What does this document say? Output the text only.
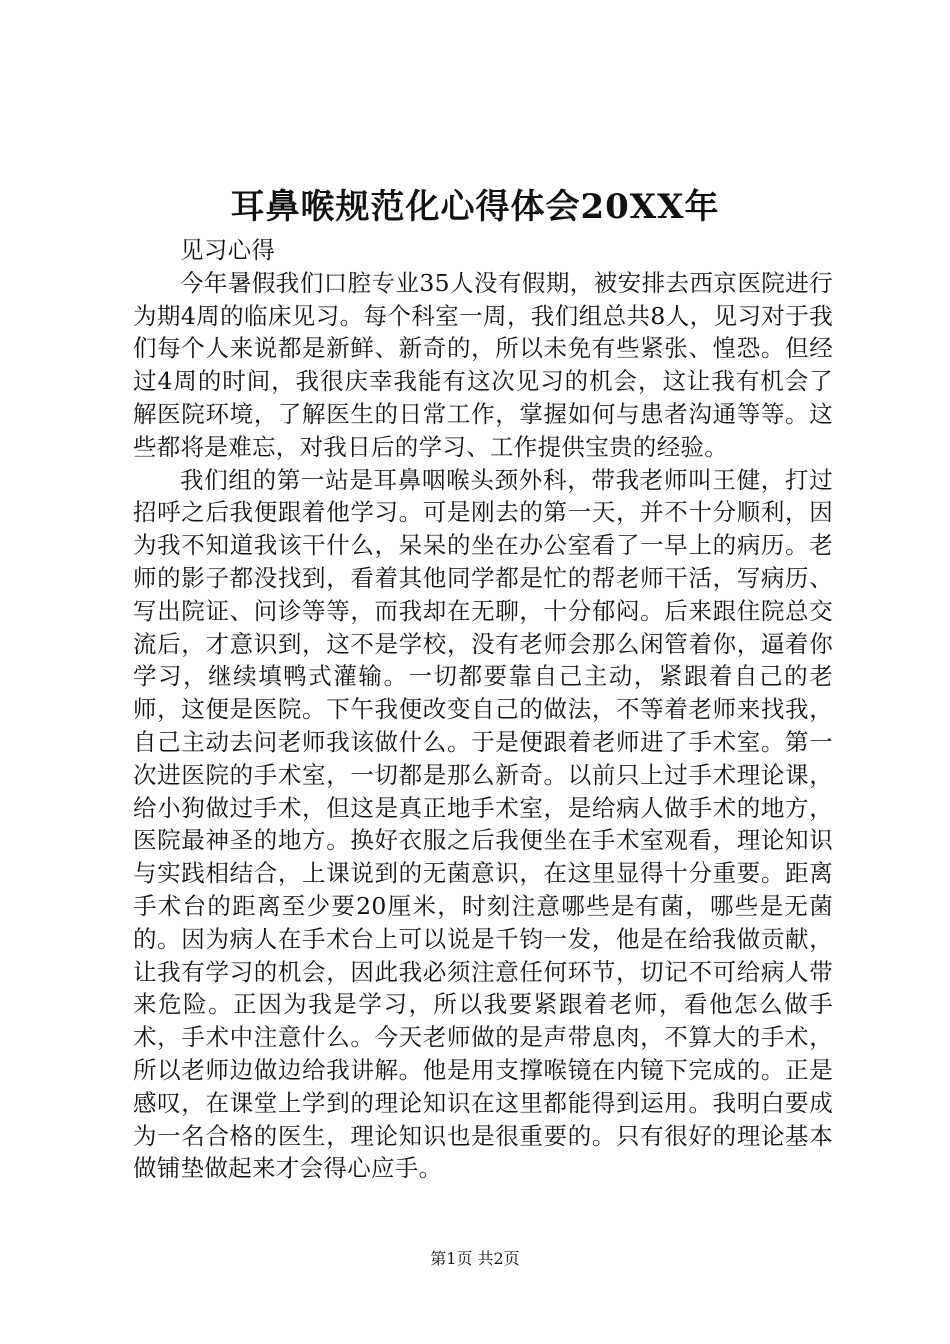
耳鼻喉规范化心得体会20XX年

见习心得

今年暑假我们口腔专业35人没有假期，被安排去西京医院进行为期4周的临床见习。每个科室一周，我们组总共8人，见习对于我们每个人来说都是新鲜、新奇的，所以未免有些紧张、惶恐。但经过4周的时间，我很庆幸我能有这次见习的机会，这让我有机会了解医院环境，了解医生的日常工作，掌握如何与患者沟通等等。这些都将是难忘，对我日后的学习、工作提供宝贵的经验。

我们组的第一站是耳鼻咽喉头颈外科，带我老师叫王健，打过招呼之后我便跟着他学习。可是刚去的第一天，并不十分顺利，因为我不知道我该干什么，呆呆的坐在办公室看了一早上的病历。老师的影子都没找到，看着其他同学都是忙的帮老师干活，写病历、写出院证、问诊等等，而我却在无聊，十分郁闷。后来跟住院总交流后，才意识到，这不是学校，没有老师会那么闲管着你，逼着你学习，继续填鸭式灌输。一切都要靠自己主动，紧跟着自己的老师，这便是医院。下午我便改变自己的做法，不等着老师来找我，自己主动去问老师我该做什么。于是便跟着老师进了手术室。第一次进医院的手术室，一切都是那么新奇。以前只上过手术理论课，给小狗做过手术，但这是真正地手术室，是给病人做手术的地方，医院最神圣的地方。换好衣服之后我便坐在手术室观看，理论知识与实践相结合，上课说到的无菌意识，在这里显得十分重要。距离手术台的距离至少要20厘米，时刻注意哪些是有菌，哪些是无菌的。因为病人在手术台上可以说是千钧一发，他是在给我做贡献，让我有学习的机会，因此我必须注意任何环节，切记不可给病人带来危险。正因为我是学习，所以我要紧跟着老师，看他怎么做手术，手术中注意什么。今天老师做的是声带息肉，不算大的手术，所以老师边做边给我讲解。他是用支撑喉镜在内镜下完成的。正是感叹，在课堂上学到的理论知识在这里都能得到运用。我明白要成为一名合格的医生，理论知识也是很重要的。只有很好的理论基本做铺垫做起来才会得心应手。

第1页 共2页
